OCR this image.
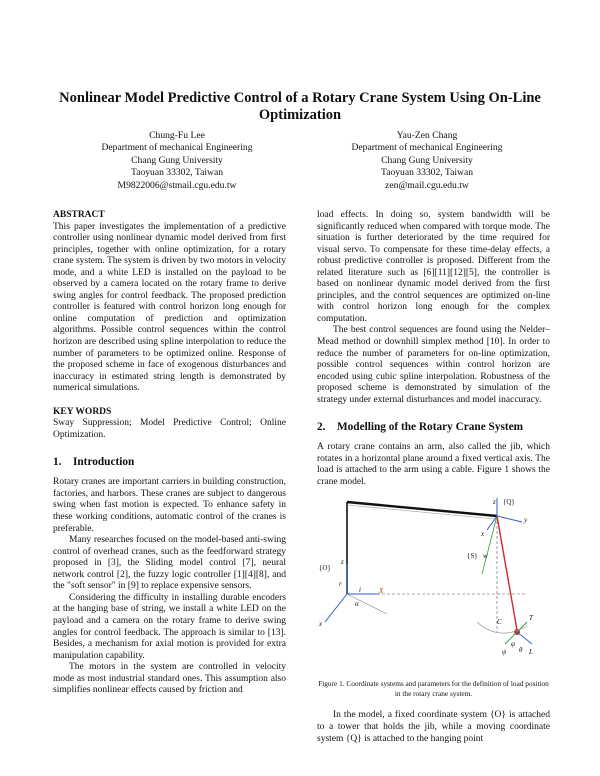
Nonlinear Model Predictive Control of a Rotary Crane System Using On-Line Optimization
Chung-Fu Lee
Department of mechanical Engineering
Chang Gung University
Taoyuan 33302, Taiwan
M9822006@stmail.cgu.edu.tw
Yau-Zen Chang
Department of mechanical Engineering
Chang Gung University
Taoyuan 33302, Taiwan
zen@mail.cgu.edu.tw
ABSTRACT

This paper investigates the implementation of a predictive controller using nonlinear dynamic model derived from first principles, together with online optimization, for a rotary crane system. The system is driven by two motors in velocity mode, and a white LED is installed on the payload to be observed by a camera located on the rotary frame to derive swing angles for control feedback. The proposed prediction controller is featured with control horizon long enough for online computation of prediction and optimization algorithms. Possible control sequences within the control horizon are described using spline interpolation to reduce the number of parameters to be optimized online. Response of the proposed scheme in face of exogenous disturbances and inaccuracy in estimated string length is demonstrated by numerical simulations.

KEY WORDS

Sway Suppression; Model Predictive Control; Online Optimization.

1. Introduction

Rotary cranes are important carriers in building construction, factories, and harbors. These cranes are subject to dangerous swing when fast motion is expected. To enhance safety in these working conditions, automatic control of the cranes is preferable.

Many researches focused on the model-based anti-swing control of overhead cranes, such as the feedforward strategy proposed in [3], the Sliding model control [7], neural network control [2], the fuzzy logic controller [1][4][8], and the "soft sensor" in [9] to replace expensive sensors.

Considering the difficulty in installing durable encoders at the hanging base of string, we install a white LED on the payload and a camera on the rotary frame to derive swing angles for control feedback. The approach is similar to [13]. Besides, a mechanism for axial motion is provided for extra manipulation capability.

The motors in the system are controlled in velocity mode as most industrial standard ones. This assumption also simplifies nonlinear effects caused by friction and

load effects. In doing so, system bandwidth will be significantly reduced when compared with torque mode. The situation is further deteriorated by the time required for visual servo. To compensate for these time-delay effects, a robust predictive controller is proposed. Different from the related literature such as [6][11][12][5], the controller is based on nonlinear dynamic model derived from the first principles, and the control sequences are optimized on-line with control horizon long enough for the complex computation.

The best control sequences are found using the Nelder–Mead method or downhill simplex method [10]. In order to reduce the number of parameters for on-line optimization, possible control sequences within control horizon are encoded using cubic spline interpolation. Robustness of the proposed scheme is demonstrated by simulation of the strategy under external disturbances and model inaccuracy.

2. Modelling of the Rotary Crane System

A rotary crane contains an arm, also called the jib, which rotates in a horizontal plane around a fixed vertical axis. The load is attached to the arm using a cable. Figure 1 shows the crane model.

z {Q}
y
x
{O}
z
r
X
i
x
α
{S} w
L
C	T
φ
θ
ψ
Figure 1. Coordinate systems and parameters for the definition of load position in the rotary crane system.

In the model, a fixed coordinate system {O} is attached to a tower that holds the jib, while a moving coordinate system {Q} is attached to the hanging point
